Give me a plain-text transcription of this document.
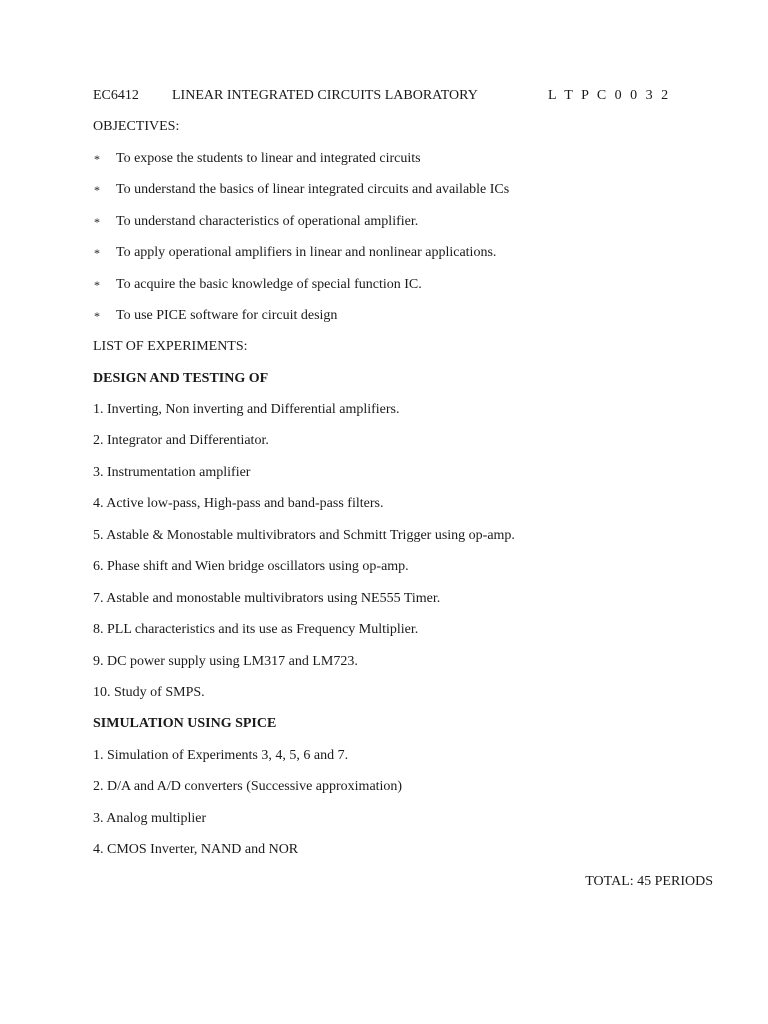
EC6412 LINEAR INTEGRATED CIRCUITS LABORATORY	L T P C 0 0 3 2
OBJECTIVES:
* To expose the students to linear and integrated circuits
* To understand the basics of linear integrated circuits and available ICs
* To understand characteristics of operational amplifier.
* To apply operational amplifiers in linear and nonlinear applications.
* To acquire the basic knowledge of special function IC.
* To use PICE software for circuit design
LIST OF EXPERIMENTS:
DESIGN AND TESTING OF
1. Inverting, Non inverting and Differential amplifiers.
2. Integrator and Differentiator.
3. Instrumentation amplifier
4. Active low-pass, High-pass and band-pass filters.
5. Astable & Monostable multivibrators and Schmitt Trigger using op-amp.
6. Phase shift and Wien bridge oscillators using op-amp.
7. Astable and monostable multivibrators using NE555 Timer.
8. PLL characteristics and its use as Frequency Multiplier.
9. DC power supply using LM317 and LM723.
10. Study of SMPS.
SIMULATION USING SPICE
1. Simulation of Experiments 3, 4, 5, 6 and 7.
2. D/A and A/D converters (Successive approximation)
3. Analog multiplier
4. CMOS Inverter, NAND and NOR
TOTAL: 45 PERIODS
